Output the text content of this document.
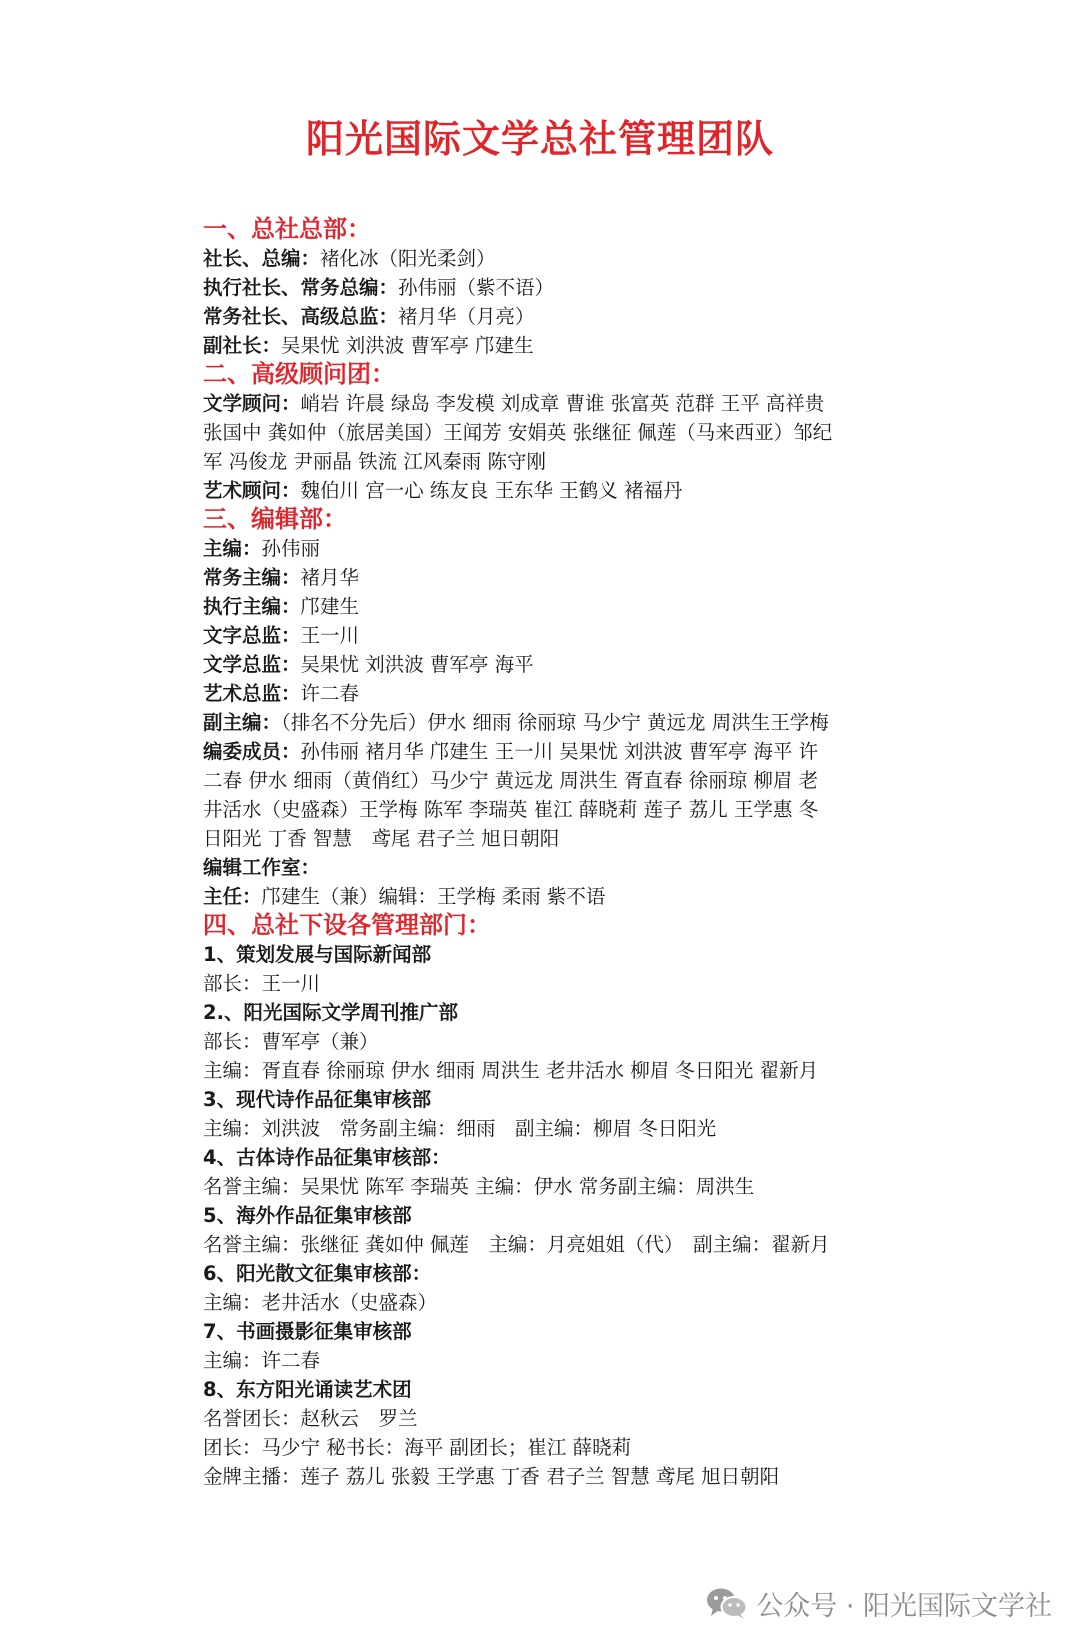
阳光国际文学总社管理团队
一、总社总部：
社长、总编：褚化冰（阳光柔剑）
执行社长、常务总编：孙伟丽（紫不语）
常务社长、高级总监：褚月华（月亮）
副社长：吴果忧 刘洪波 曹军亭 邝建生
二、高级顾问团：
文学顾问：峭岩 许晨 绿岛 李发模 刘成章 曹谁 张富英 范群 王平 高祥贵
张国中 龚如仲（旅居美国）王闻芳 安娟英 张继征 佩莲（马来西亚）邹纪
军 冯俊龙 尹丽晶 铁流 江风秦雨 陈守刚
艺术顾问：魏伯川 宫一心 练友良 王东华 王鹤义 褚福丹
三、编辑部：
主编：孙伟丽
常务主编：褚月华
执行主编：邝建生
文字总监：王一川
文学总监：吴果忧 刘洪波 曹军亭 海平
艺术总监：许二春
副主编：（排名不分先后）伊水 细雨 徐丽琼 马少宁 黄远龙 周洪生王学梅
编委成员：孙伟丽 褚月华 邝建生 王一川 吴果忧 刘洪波 曹军亭 海平 许
二春 伊水 细雨（黄俏红）马少宁 黄远龙 周洪生 胥直春 徐丽琼 柳眉 老
井活水（史盛森）王学梅 陈军 李瑞英 崔江 薛晓莉 莲子 荔儿 王学惠 冬
日阳光 丁香 智慧　鸢尾 君子兰 旭日朝阳
编辑工作室：
主任：邝建生（兼）编辑：王学梅 柔雨 紫不语
四、总社下设各管理部门：
1、策划发展与国际新闻部
部长：王一川
2.、阳光国际文学周刊推广部
部长：曹军亭（兼）
主编：胥直春 徐丽琼 伊水 细雨 周洪生 老井活水 柳眉 冬日阳光 翟新月
3、现代诗作品征集审核部
主编：刘洪波　常务副主编：细雨　副主编：柳眉 冬日阳光
4、古体诗作品征集审核部：
名誉主编：吴果忧 陈军 李瑞英 主编：伊水 常务副主编：周洪生
5、海外作品征集审核部
名誉主编：张继征 龚如仲 佩莲　主编：月亮姐姐（代）　副主编：翟新月
6、阳光散文征集审核部：
主编：老井活水（史盛森）
7、书画摄影征集审核部
主编：许二春
8、东方阳光诵读艺术团
名誉团长：赵秋云　罗兰
团长：马少宁 秘书长：海平 副团长；崔江 薛晓莉
金牌主播：莲子 荔儿 张毅 王学惠 丁香 君子兰 智慧 鸢尾 旭日朝阳
公众号 · 阳光国际文学社
